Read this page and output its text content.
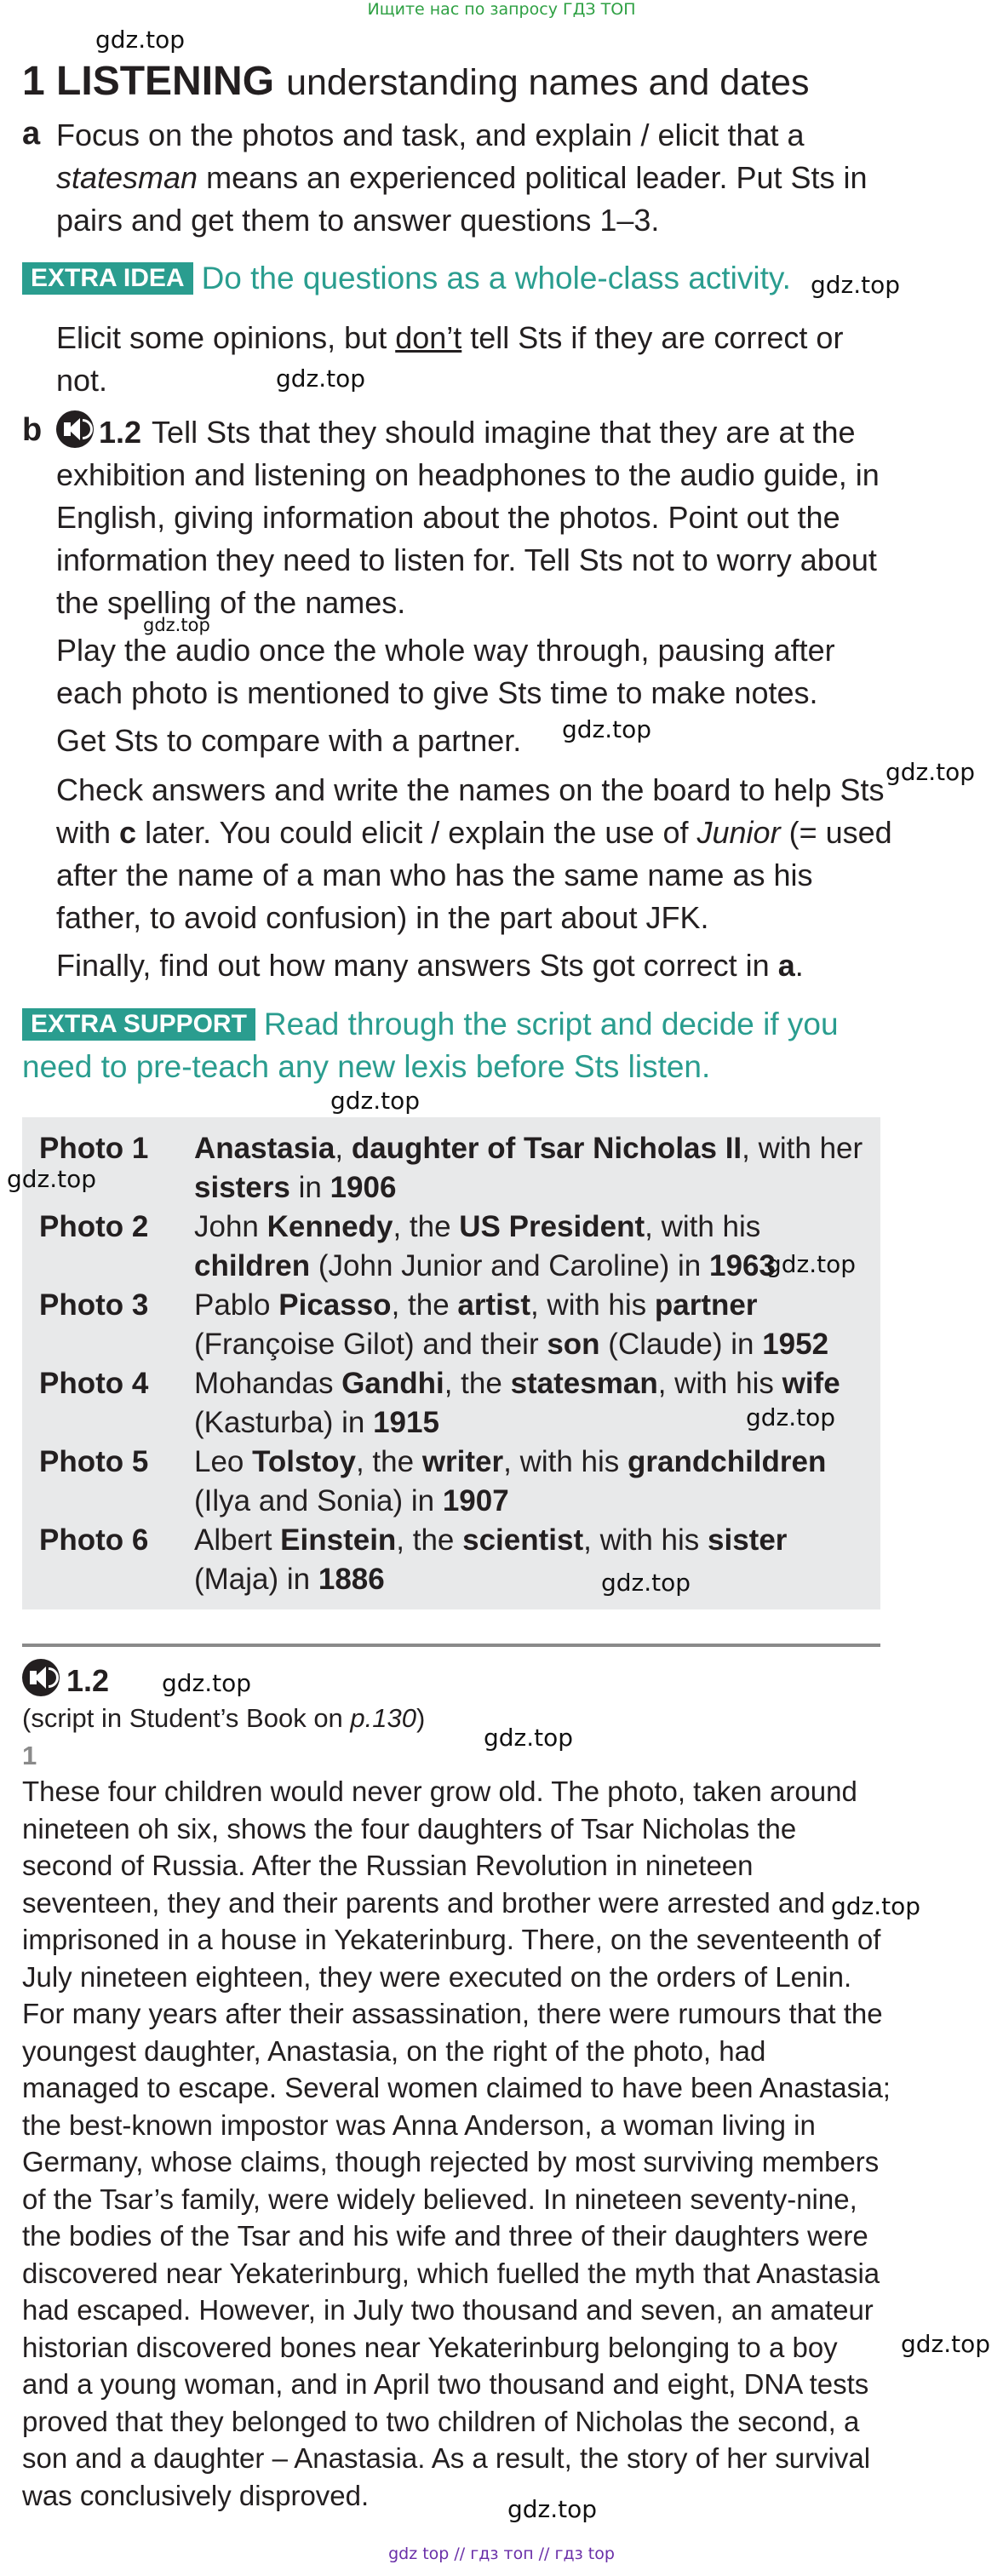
Ищите нас по запросу ГДЗ ТОП
1 LISTENING understanding names and dates
a Focus on the photos and task, and explain / elicit that a statesman means an experienced political leader. Put Sts in pairs and get them to answer questions 1–3.

EXTRA IDEA Do the questions as a whole-class activity.

Elicit some opinions, but don’t tell Sts if they are correct or not.

b	1.2 Tell Sts that they should imagine that they are at the exhibition and listening on headphones to the audio guide, in English, giving information about the photos. Point out the information they need to listen for. Tell Sts not to worry about the spelling of the names.

Play the audio once the whole way through, pausing after each photo is mentioned to give Sts time to make notes.

Get Sts to compare with a partner.

Check answers and write the names on the board to help Sts with c later. You could elicit / explain the use of Junior (= used after the name of a man who has the same name as his father, to avoid confusion) in the part about JFK.

Finally, find out how many answers Sts got correct in a.

EXTRA SUPPORT Read through the script and decide if you need to pre-teach any new lexis before Sts listen.
Photo 1	Anastasia, daughter of Tsar Nicholas II, with her sisters in 1906
Photo 2	John Kennedy, the US President, with his children (John Junior and Caroline) in 1963
Photo 3	Pablo Picasso, the artist, with his partner (Françoise Gilot) and their son (Claude) in 1952
Photo 4	Mohandas Gandhi, the statesman, with his wife (Kasturba) in 1915
Photo 5	Leo Tolstoy, the writer, with his grandchildren (Ilya and Sonia) in 1907
Photo 6	Albert Einstein, the scientist, with his sister (Maja) in 1886
1.2
(script in Student’s Book on p.130)
1
These four children would never grow old. The photo, taken around nineteen oh six, shows the four daughters of Tsar Nicholas the second of Russia. After the Russian Revolution in nineteen seventeen, they and their parents and brother were arrested and imprisoned in a house in Yekaterinburg. There, on the seventeenth of July nineteen eighteen, they were executed on the orders of Lenin. For many years after their assassination, there were rumours that the youngest daughter, Anastasia, on the right of the photo, had managed to escape. Several women claimed to have been Anastasia; the best-known impostor was Anna Anderson, a woman living in Germany, whose claims, though rejected by most surviving members of the Tsar’s family, were widely believed. In nineteen seventy-nine, the bodies of the Tsar and his wife and three of their daughters were discovered near Yekaterinburg, which fuelled the myth that Anastasia had escaped. However, in July two thousand and seven, an amateur historian discovered bones near Yekaterinburg belonging to a boy and a young woman, and in April two thousand and eight, DNA tests proved that they belonged to two children of Nicholas the second, a son and a daughter – Anastasia. As a result, the story of her survival was conclusively disproved.
gdz.top
gdz.top
gdz.top
gdz.top
gdz.top
gdz.top
gdz.top
gdz.top
gdz.top
gdz.top
gdz.top
gdz.top
gdz.top
gdz.top
gdz.top
gdz.top
gdz top // гдз топ // гдз top
